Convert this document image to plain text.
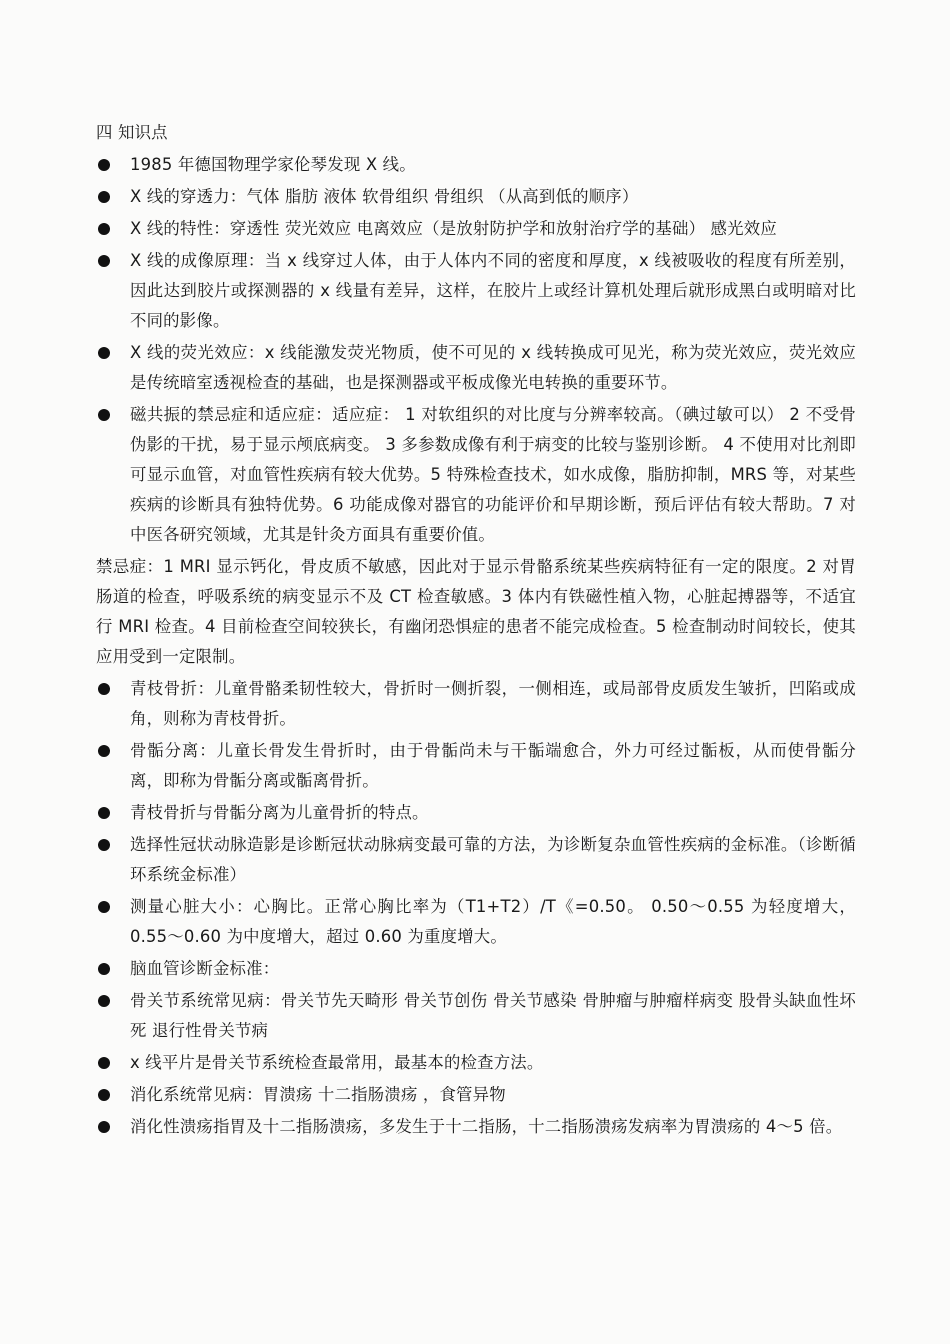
四 知识点

1985 年德国物理学家伦琴发现 X 线。
X 线的穿透力：气体 脂肪 液体 软骨组织 骨组织 （从高到低的顺序）
X 线的特性：穿透性 荧光效应 电离效应（是放射防护学和放射治疗学的基础） 感光效应
X 线的成像原理：当 x 线穿过人体，由于人体内不同的密度和厚度，x 线被吸收的程度有所差别，因此达到胶片或探测器的 x 线量有差异，这样，在胶片上或经计算机处理后就形成黑白或明暗对比不同的影像。
X 线的荧光效应：x 线能激发荧光物质，使不可见的 x 线转换成可见光，称为荧光效应，荧光效应是传统暗室透视检查的基础，也是探测器或平板成像光电转换的重要环节。
磁共振的禁忌症和适应症：适应症： 1 对软组织的对比度与分辨率较高。（碘过敏可以） 2 不受骨伪影的干扰，易于显示颅底病变。 3 多参数成像有利于病变的比较与鉴别诊断。 4 不使用对比剂即可显示血管，对血管性疾病有较大优势。5 特殊检查技术，如水成像，脂肪抑制，MRS 等，对某些疾病的诊断具有独特优势。6 功能成像对器官的功能评价和早期诊断，预后评估有较大帮助。7 对中医各研究领域，尤其是针灸方面具有重要价值。

禁忌症：1 MRI 显示钙化，骨皮质不敏感，因此对于显示骨骼系统某些疾病特征有一定的限度。2 对胃肠道的检查，呼吸系统的病变显示不及 CT 检查敏感。3 体内有铁磁性植入物，心脏起搏器等，不适宜行 MRI 检查。4 目前检查空间较狭长，有幽闭恐惧症的患者不能完成检查。5 检查制动时间较长，使其应用受到一定限制。

青枝骨折：儿童骨骼柔韧性较大，骨折时一侧折裂，一侧相连，或局部骨皮质发生皱折，凹陷或成角，则称为青枝骨折。
骨骺分离：儿童长骨发生骨折时，由于骨骺尚未与干骺端愈合，外力可经过骺板，从而使骨骺分离，即称为骨骺分离或骺离骨折。
青枝骨折与骨骺分离为儿童骨折的特点。
选择性冠状动脉造影是诊断冠状动脉病变最可靠的方法，为诊断复杂血管性疾病的金标准。（诊断循环系统金标准）
测量心脏大小：心胸比。正常心胸比率为（T1+T2）/T《=0.50。 0.50～0.55 为轻度增大，0.55～0.60 为中度增大，超过 0.60 为重度增大。
脑血管诊断金标准：
骨关节系统常见病：骨关节先天畸形 骨关节创伤 骨关节感染 骨肿瘤与肿瘤样病变 股骨头缺血性坏死 退行性骨关节病
x 线平片是骨关节系统检查最常用，最基本的检查方法。
消化系统常见病：胃溃疡 十二指肠溃疡 ，食管异物
消化性溃疡指胃及十二指肠溃疡，多发生于十二指肠，十二指肠溃疡发病率为胃溃疡的 4～5 倍。
